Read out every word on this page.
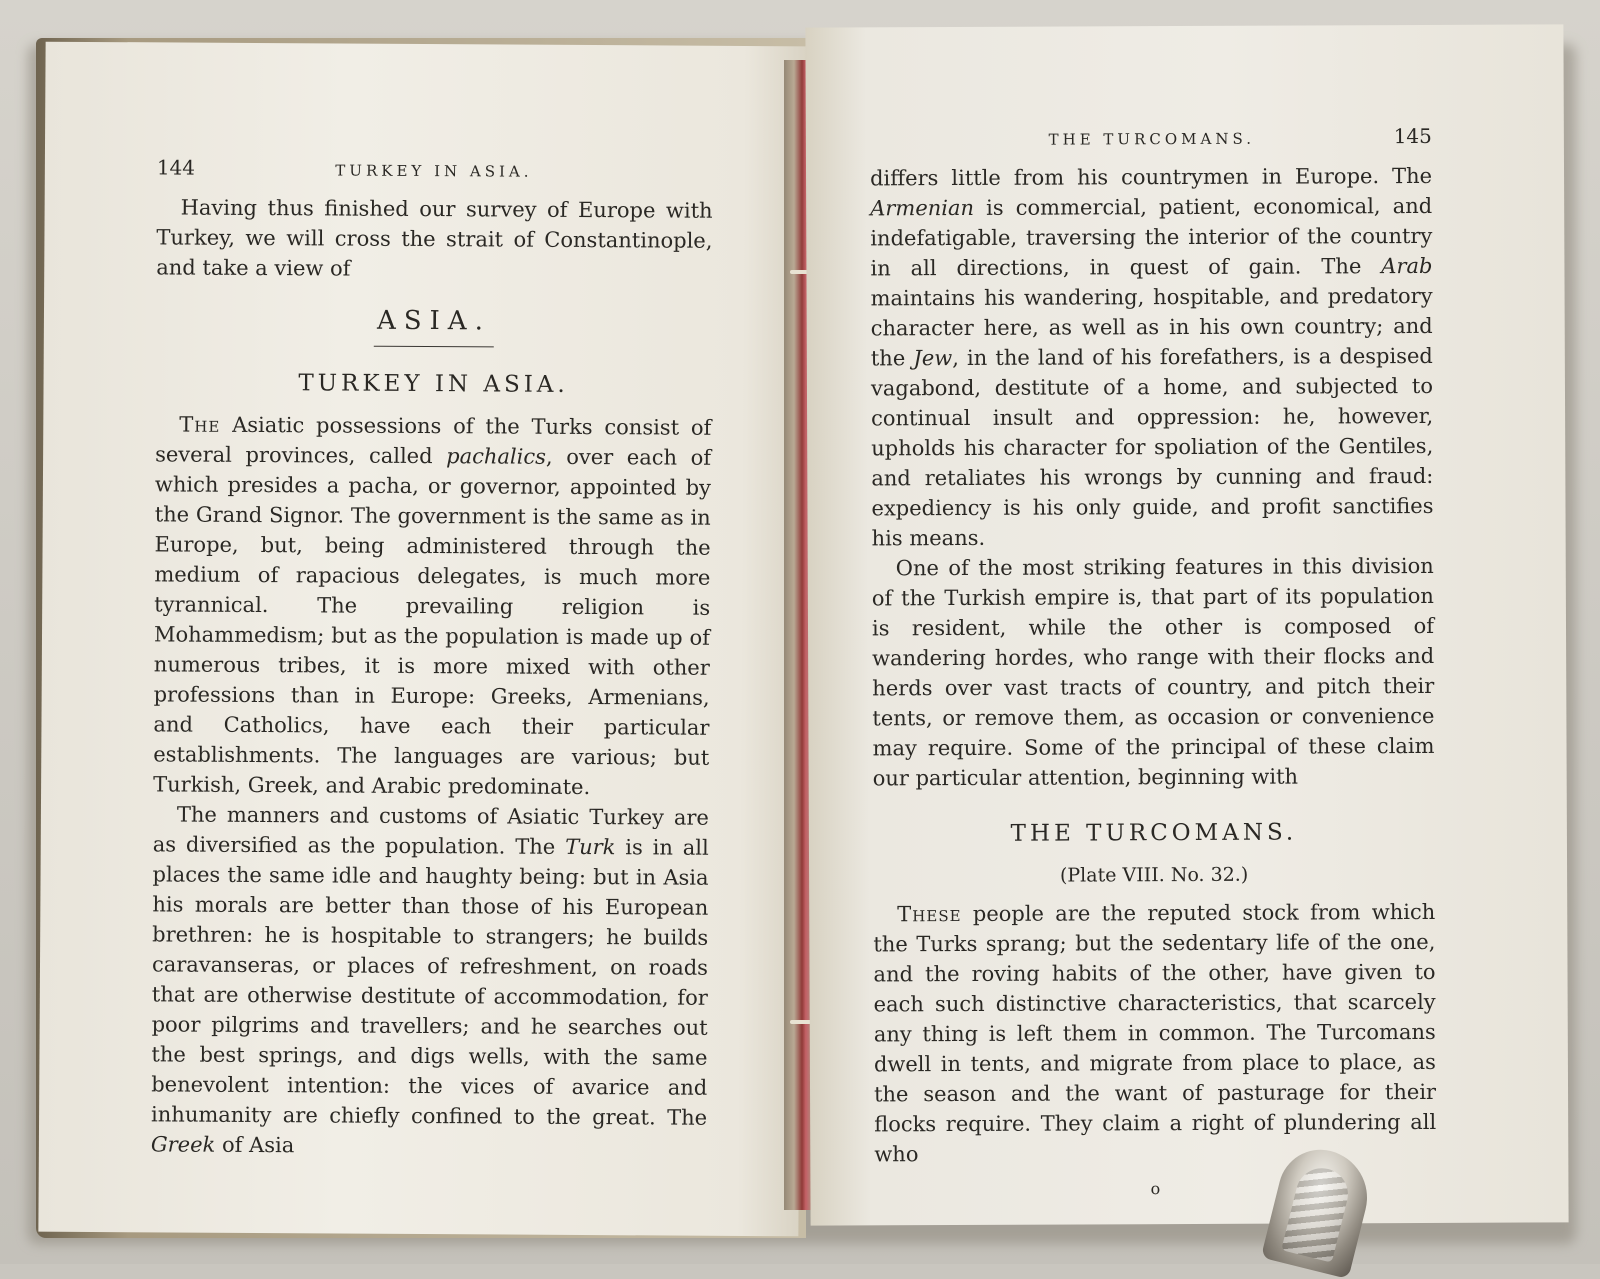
144	TURKEY IN ASIA.

Having thus finished our survey of Europe with Turkey, we will cross the strait of Constantinople, and take a view of

ASIA.
TURKEY IN ASIA.

The Asiatic possessions of the Turks consist of several provinces, called pachalics, over each of which presides a pacha, or governor, appointed by the Grand Signor. The government is the same as in Europe, but, being administered through the medium of rapacious delegates, is much more tyrannical. The prevailing religion is Mohammedism; but as the population is made up of numerous tribes, it is more mixed with other professions than in Europe: Greeks, Armenians, and Catholics, have each their particular establishments. The languages are various; but Turkish, Greek, and Arabic predominate.

The manners and customs of Asiatic Turkey are as diversified as the population. The Turk is in all places the same idle and haughty being: but in Asia his morals are better than those of his European brethren: he is hospitable to strangers; he builds caravanseras, or places of refreshment, on roads that are otherwise destitute of accommodation, for poor pilgrims and travellers; and he searches out the best springs, and digs wells, with the same benevolent intention: the vices of avarice and inhumanity are chiefly confined to the great. The Greek of Asia

THE TURCOMANS.	145

differs little from his countrymen in Europe. The Armenian is commercial, patient, economical, and indefatigable, traversing the interior of the country in all directions, in quest of gain. The Arab maintains his wandering, hospitable, and predatory character here, as well as in his own country; and the Jew, in the land of his forefathers, is a despised vagabond, destitute of a home, and subjected to continual insult and oppression: he, however, upholds his character for spoliation of the Gentiles, and retaliates his wrongs by cunning and fraud: expediency is his only guide, and profit sanctifies his means.

One of the most striking features in this division of the Turkish empire is, that part of its population is resident, while the other is composed of wandering hordes, who range with their flocks and herds over vast tracts of country, and pitch their tents, or remove them, as occasion or convenience may require. Some of the principal of these claim our particular attention, beginning with

THE TURCOMANS.
(Plate VIII. No. 32.)

These people are the reputed stock from which the Turks sprang; but the sedentary life of the one, and the roving habits of the other, have given to each such distinctive characteristics, that scarcely any thing is left them in common. The Turcomans dwell in tents, and migrate from place to place, as the season and the want of pasturage for their flocks require. They claim a right of plundering all who

o
